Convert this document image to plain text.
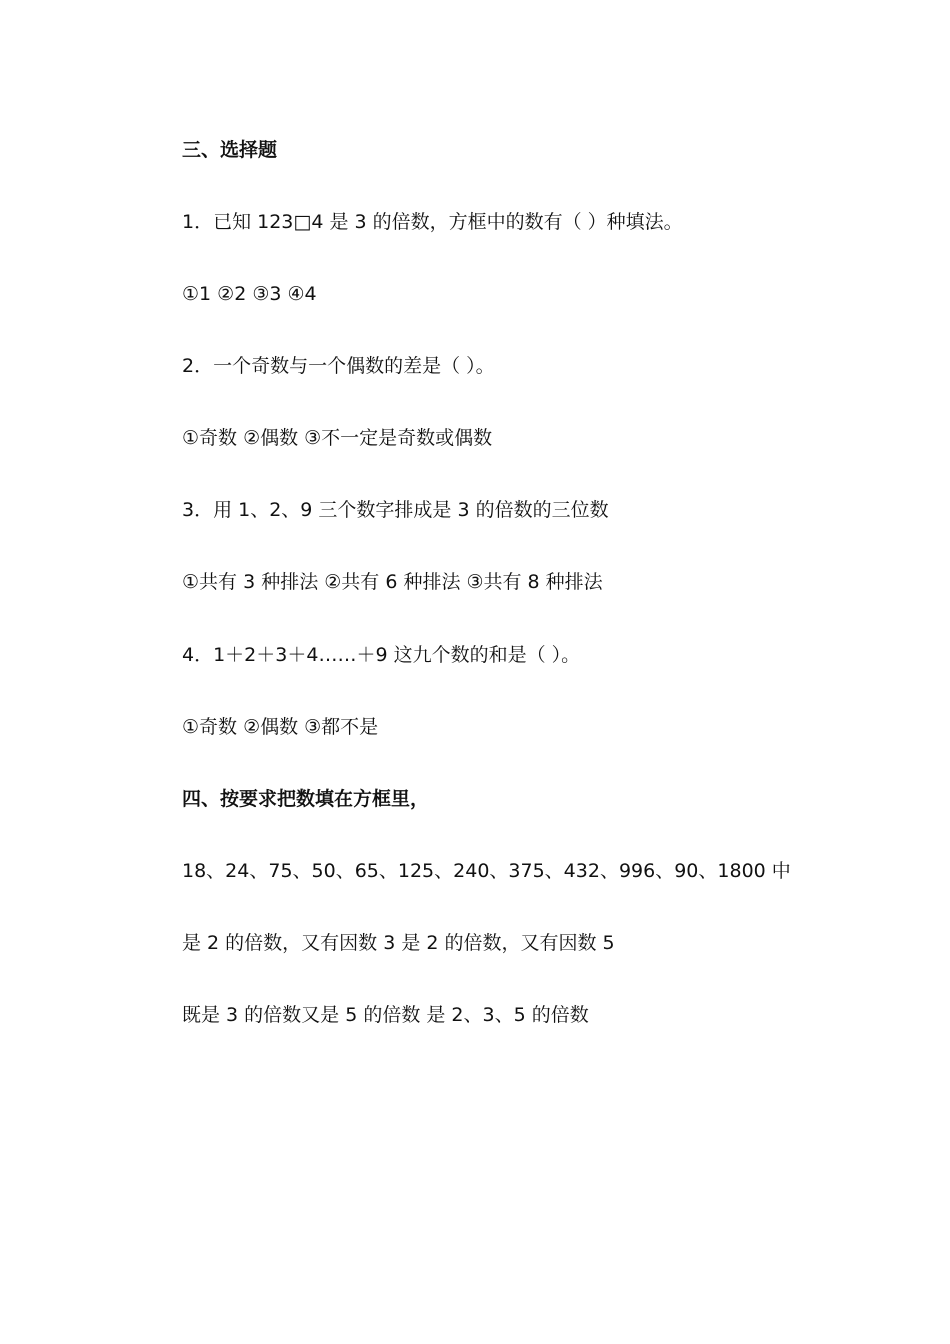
三、选择题
1．已知 123□4 是 3 的倍数，方框中的数有（ ）种填法。
①1 ②2 ③3 ④4
2．一个奇数与一个偶数的差是（ ）。
①奇数 ②偶数 ③不一定是奇数或偶数
3．用 1、2、9 三个数字排成是 3 的倍数的三位数
①共有 3 种排法 ②共有 6 种排法 ③共有 8 种排法
4．1＋2＋3＋4……＋9 这九个数的和是（ ）。
①奇数 ②偶数 ③都不是
四、按要求把数填在方框里，
18、24、75、50、65、125、240、375、432、996、90、1800 中
是 2 的倍数，又有因数 3 是 2 的倍数，又有因数 5
既是 3 的倍数又是 5 的倍数 是 2、3、5 的倍数
